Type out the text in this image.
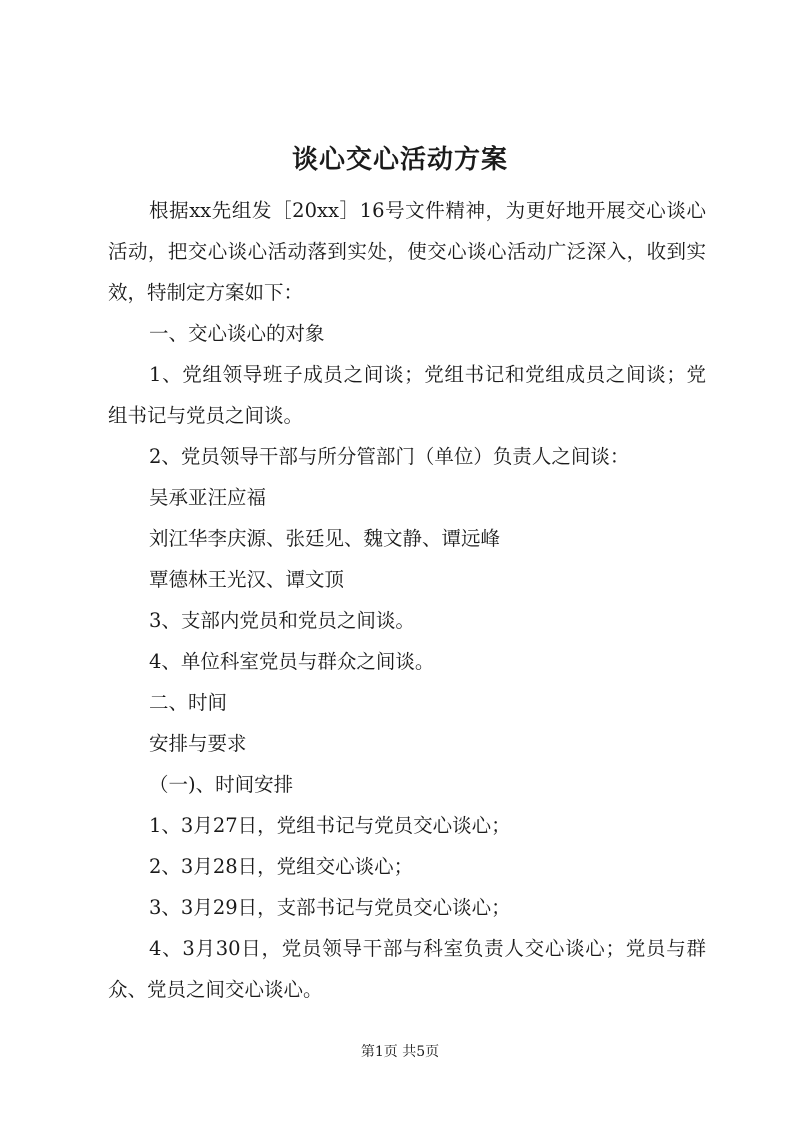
谈心交心活动方案

根据xx先组发［20xx］16号文件精神，为更好地开展交心谈心活动，把交心谈心活动落到实处，使交心谈心活动广泛深入，收到实效，特制定方案如下：

一、交心谈心的对象

1、党组领导班子成员之间谈；党组书记和党组成员之间谈；党组书记与党员之间谈。

2、党员领导干部与所分管部门（单位）负责人之间谈：

吴承亚汪应福

刘江华李庆源、张廷见、魏文静、谭远峰

覃德林王光汉、谭文顶

3、支部内党员和党员之间谈。

4、单位科室党员与群众之间谈。

二、时间

安排与要求

（一)、时间安排

1、3月27日，党组书记与党员交心谈心；

2、3月28日，党组交心谈心；

3、3月29日，支部书记与党员交心谈心；

4、3月30日，党员领导干部与科室负责人交心谈心；党员与群众、党员之间交心谈心。

第1页 共5页
